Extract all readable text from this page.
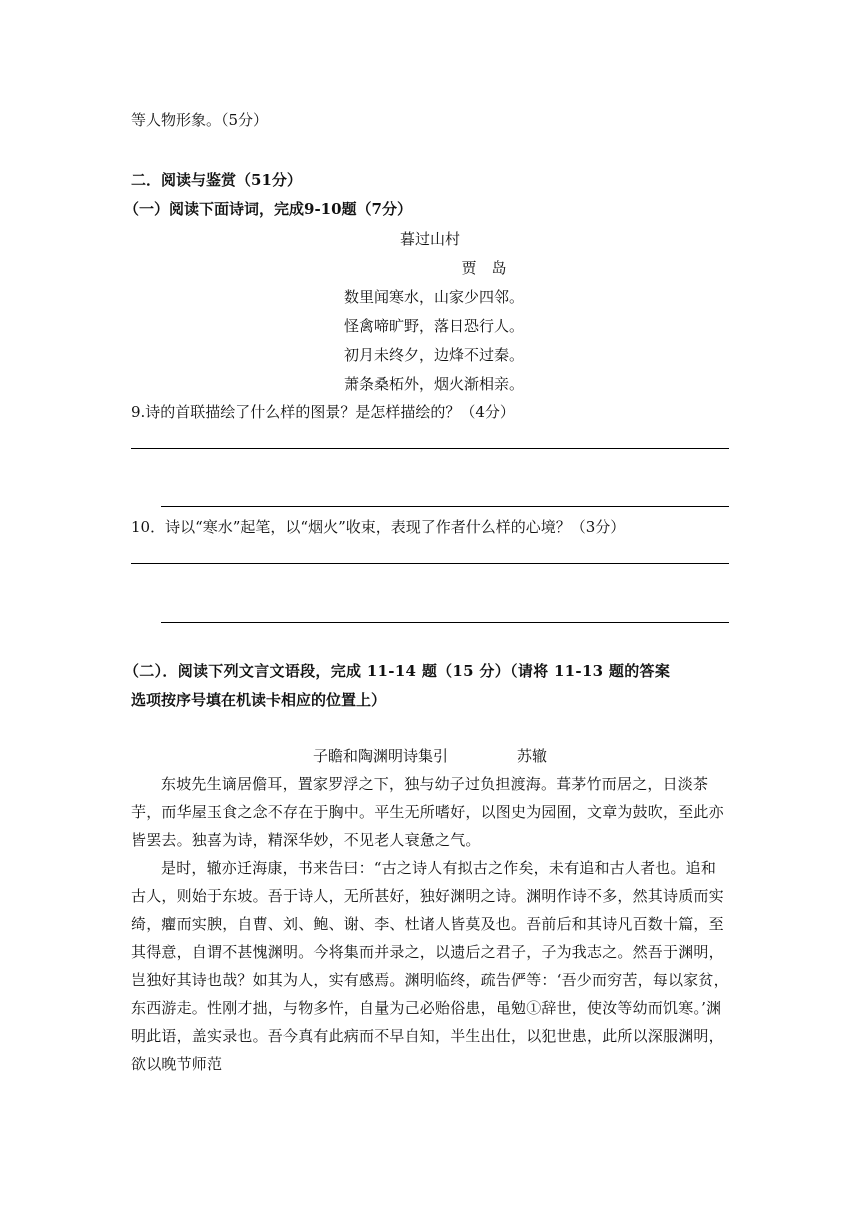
等人物形象。（5分）
二．阅读与鉴赏（51分）
（一）阅读下面诗词，完成9-10题（7分）
暮过山村
贾　岛
数里闻寒水，山家少四邻。
怪禽啼旷野，落日恐行人。
初月未终夕，边烽不过秦。
萧条桑柘外，烟火渐相亲。
9.诗的首联描绘了什么样的图景？是怎样描绘的？（4分）
10．诗以“寒水”起笔，以“烟火”收束，表现了作者什么样的心境？（3分）
（二）．阅读下列文言文语段，完成 11-14 题（15 分）（请将 11-13 题的答案
选项按序号填在机读卡相应的位置上）
子瞻和陶渊明诗集引	苏辙

东坡先生谪居儋耳，置家罗浮之下，独与幼子过负担渡海。葺茅竹而居之，日淡茶芋，而华屋玉食之念不存在于胸中。平生无所嗜好，以图史为园囿，文章为鼓吹，至此亦皆罢去。独喜为诗，精深华妙，不见老人衰惫之气。

是时，辙亦迁海康，书来告曰：“古之诗人有拟古之作矣，未有追和古人者也。追和古人，则始于东坡。吾于诗人，无所甚好，独好渊明之诗。渊明作诗不多，然其诗质而实绮，癯而实腴，自曹、刘、鲍、谢、李、杜诸人皆莫及也。吾前后和其诗凡百数十篇，至其得意，自谓不甚愧渊明。今将集而并录之，以遗后之君子，子为我志之。然吾于渊明，岂独好其诗也哉？如其为人，实有感焉。渊明临终，疏告俨等：‘吾少而穷苦，每以家贫，东西游走。性刚才拙，与物多忤，自量为己必贻俗患，黾勉①辞世，使汝等幼而饥寒。’渊明此语，盖实录也。吾今真有此病而不早自知，半生出仕，以犯世患，此所以深服渊明，欲以晚节师范
